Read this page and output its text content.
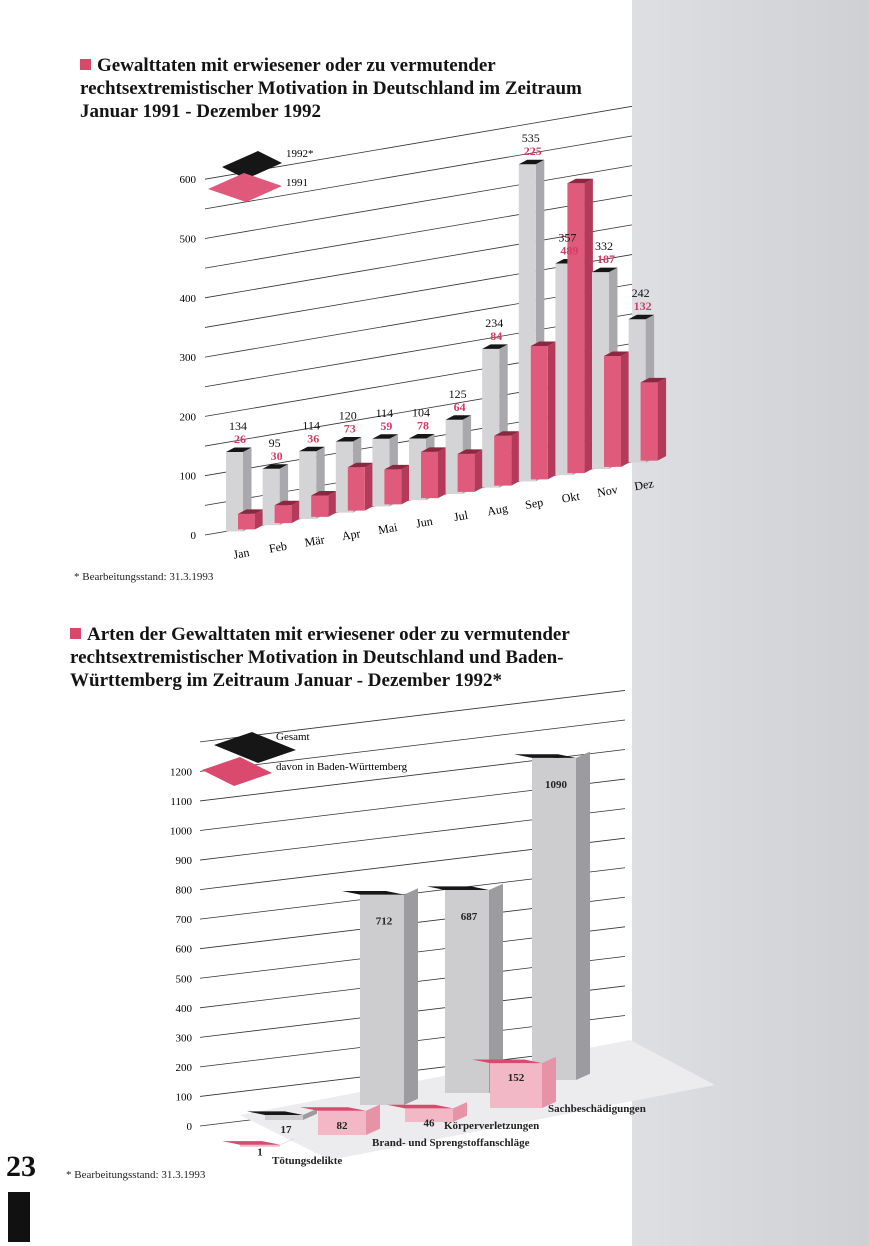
Gewalttaten mit erwiesener oder zu vermutender rechtsextremistischer Motivation in Deutschland im Zeitraum Januar 1991 - Dezember 1992
* Bearbeitungsstand: 31.3.1993
Arten der Gewalttaten mit erwiesener oder zu vermutender rechtsextremistischer Motivation in Deutschland und Baden-Württemberg im Zeitraum Januar - Dezember 1992*
* Bearbeitungsstand: 31.3.1993
23
0
100
200
300
400
500
600
134
26
Jan
95
30
Feb
114
36
Mär
120
73
Apr
114
59
Mai
104
78
Jun
125
64
Jul
234
84
Aug
535
225
Sep
357
489
Okt
332
187
Nov
242
132
Dez
1992*
1991
0
100
200
300
400
500
600
700
800
900
1000
1100
1200
17
712	687
1090
1
82	46
152
Tötungsdelikte
Brand- und Sprengstoffanschläge
Körperverletzungen
Sachbeschädigungen
Gesamt
davon in Baden-Württemberg
